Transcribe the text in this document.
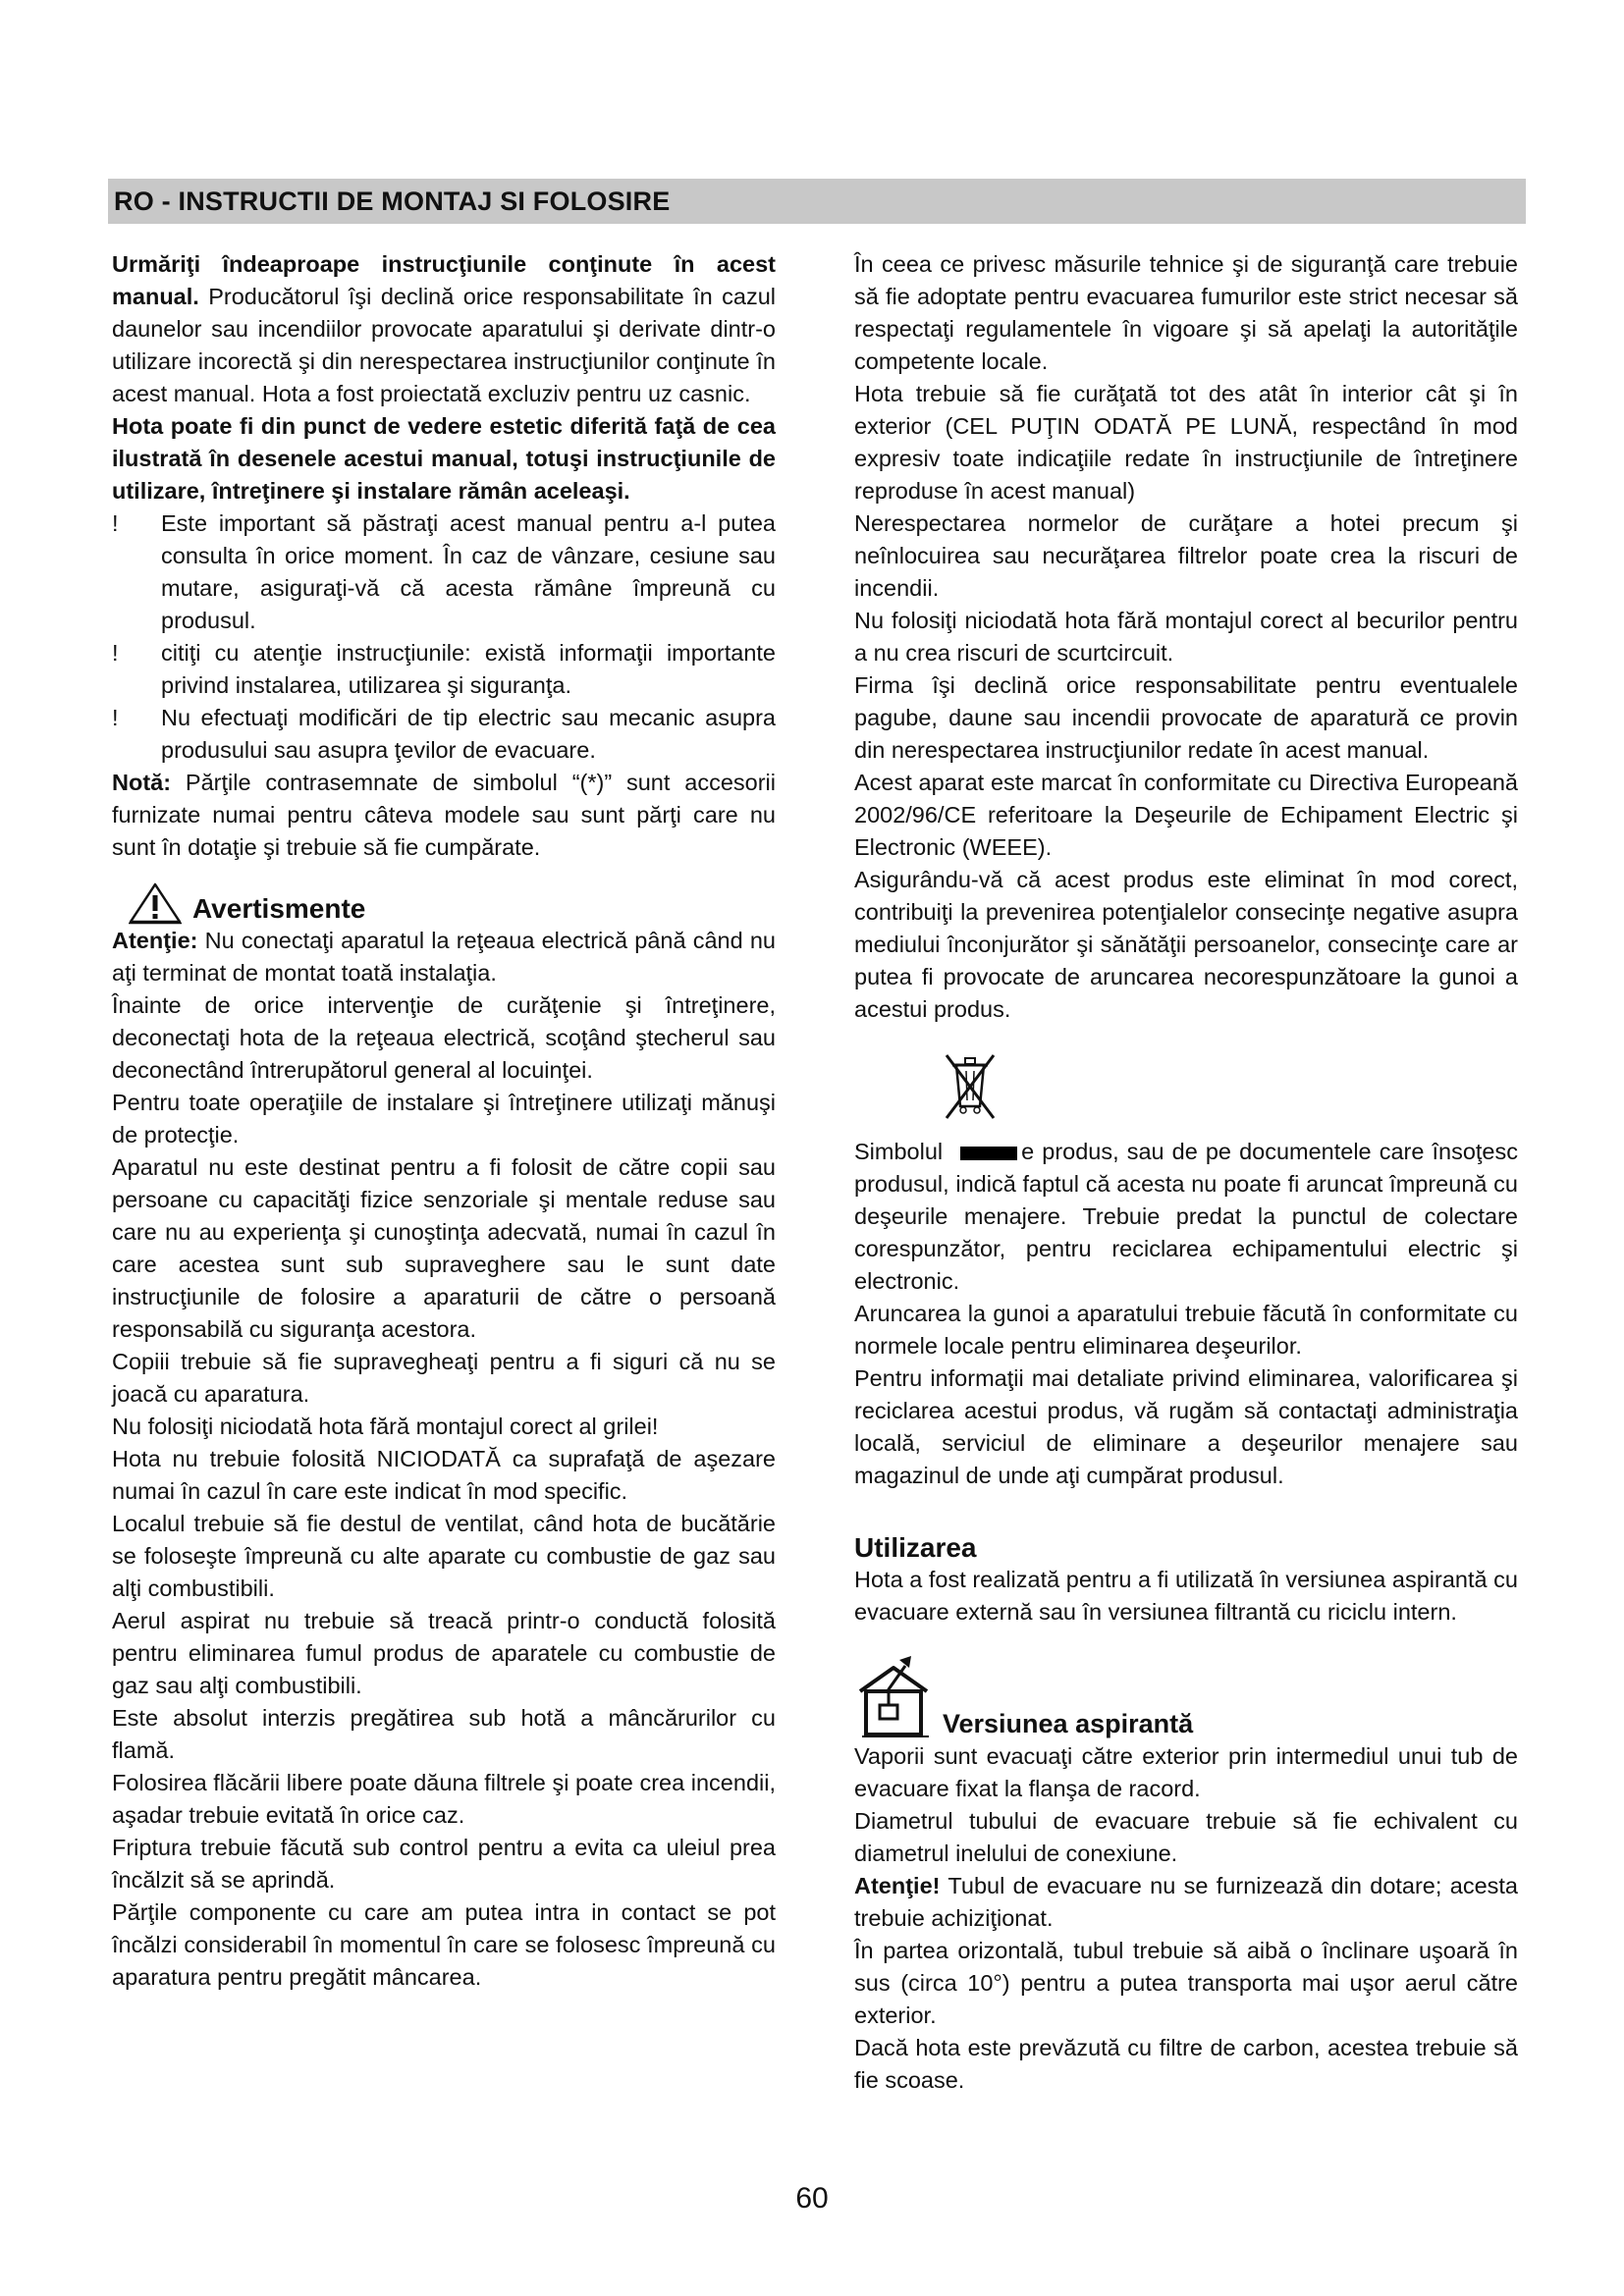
RO - INSTRUCTII DE MONTAJ SI FOLOSIRE

Urmăriţi îndeaproape instrucţiunile conţinute în acest manual. Producătorul îşi declină orice responsabilitate în cazul daunelor sau incendiilor provocate aparatului şi derivate dintr-o utilizare incorectă şi din nerespectarea instrucţiunilor conţinute în acest manual. Hota a fost proiectată excluziv pentru uz casnic.

Hota poate fi din punct de vedere estetic diferită faţă de cea ilustrată în desenele acestui manual, totuşi instrucţiunile de utilizare, întreţinere şi instalare rămân aceleaşi.

!	Este important să păstraţi acest manual pentru a-l putea consulta în orice moment. În caz de vânzare, cesiune sau mutare, asiguraţi-vă că acesta rămâne împreună cu produsul.
!	citiţi cu atenţie instrucţiunile: există informaţii importante privind instalarea, utilizarea şi siguranţa.
!	Nu efectuaţi modificări de tip electric sau mecanic asupra produsului sau asupra ţevilor de evacuare.

Notă: Părţile contrasemnate de simbolul “(*)” sunt accesorii furnizate numai pentru câteva modele sau sunt părţi care nu sunt în dotaţie şi trebuie să fie cumpărate.

Avertismente

Atenţie: Nu conectaţi aparatul la reţeaua electrică până când nu aţi terminat de montat toată instalaţia.

Înainte de orice intervenţie de curăţenie şi întreţinere, deconectaţi hota de la reţeaua electrică, scoţând ştecherul sau deconectând întrerupătorul general al locuinţei.

Pentru toate operaţiile de instalare şi întreţinere utilizaţi mănuşi de protecţie.

Aparatul nu este destinat pentru a fi folosit de către copii sau persoane cu capacităţi fizice senzoriale şi mentale reduse sau care nu au experienţa şi cunoştinţa adecvată, numai în cazul în care acestea sunt sub supraveghere sau le sunt date instrucţiunile de folosire a aparaturii de către o persoană responsabilă cu siguranţa acestora.

Copiii trebuie să fie supravegheaţi pentru a fi siguri că nu se joacă cu aparatura.

Nu folosiţi niciodată hota fără montajul corect al grilei!

Hota nu trebuie folosită NICIODATĂ ca suprafaţă de aşezare numai în cazul în care este indicat în mod specific.

Localul trebuie să fie destul de ventilat, când hota de bucătărie se foloseşte împreună cu alte aparate cu combustie de gaz sau alţi combustibili.

Aerul aspirat nu trebuie să treacă printr-o conductă folosită pentru eliminarea fumul produs de aparatele cu combustie de gaz sau alţi combustibili.

Este absolut interzis pregătirea sub hotă a mâncărurilor cu flamă.

Folosirea flăcării libere poate dăuna filtrele şi poate crea incendii, aşadar trebuie evitată în orice caz.

Friptura trebuie făcută sub control pentru a evita ca uleiul prea încălzit să se aprindă.

Părţile componente cu care am putea intra in contact se pot încălzi considerabil în momentul în care se folosesc împreună cu aparatura pentru pregătit mâncarea.

În ceea ce privesc măsurile tehnice şi de siguranţă care trebuie să fie adoptate pentru evacuarea fumurilor este strict necesar să respectaţi regulamentele în vigoare şi să apelaţi la autorităţile competente locale.

Hota trebuie să fie curăţată tot des atât în interior cât şi în exterior (CEL PUŢIN ODATĂ PE LUNĂ, respectând în mod expresiv toate indicaţiile redate în instrucţiunile de întreţinere reproduse în acest manual)

Nerespectarea normelor de curăţare a hotei precum şi neînlocuirea sau necurăţarea filtrelor poate crea la riscuri de incendii.

Nu folosiţi niciodată hota fără montajul corect al becurilor pentru a nu crea riscuri de scurtcircuit.

Firma îşi declină orice responsabilitate pentru eventualele pagube, daune sau incendii provocate de aparatură ce provin din nerespectarea instrucţiunilor redate în acest manual.

Acest aparat este marcat în conformitate cu Directiva Europeană 2002/96/CE referitoare la Deşeurile de Echipament Electric şi Electronic (WEEE).

Asigurându-vă că acest produs este eliminat în mod corect, contribuiţi la prevenirea potenţialelor consecinţe negative asupra mediului înconjurător şi sănătăţii persoanelor, consecinţe care ar putea fi provocate de aruncarea necorespunzătoare la gunoi a acestui produs.

Simbolul	e produs, sau de pe documentele care însoţesc produsul, indică faptul că acesta nu poate fi aruncat împreună cu deşeurile menajere. Trebuie predat la punctul de colectare corespunzător, pentru reciclarea echipamentului electric şi electronic.

Aruncarea la gunoi a aparatului trebuie făcută în conformitate cu normele locale pentru eliminarea deşeurilor.

Pentru informaţii mai detaliate privind eliminarea, valorificarea şi reciclarea acestui produs, vă rugăm să contactaţi administraţia locală, serviciul de eliminare a deşeurilor menajere sau magazinul de unde aţi cumpărat produsul.

Utilizarea

Hota a fost realizată pentru a fi utilizată în versiunea aspirantă cu evacuare externă sau în versiunea filtrantă cu riciclu intern.

Versiunea aspirantă

Vaporii sunt evacuaţi către exterior prin intermediul unui tub de evacuare fixat la flanşa de racord.

Diametrul tubului de evacuare trebuie să fie echivalent cu diametrul inelului de conexiune.

Atenţie! Tubul de evacuare nu se furnizează din dotare; acesta trebuie achiziţionat.

În partea orizontală, tubul trebuie să aibă o înclinare uşoară în sus (circa 10°) pentru a putea transporta mai uşor aerul către exterior.

Dacă hota este prevăzută cu filtre de carbon, acestea trebuie să fie scoase.

60
